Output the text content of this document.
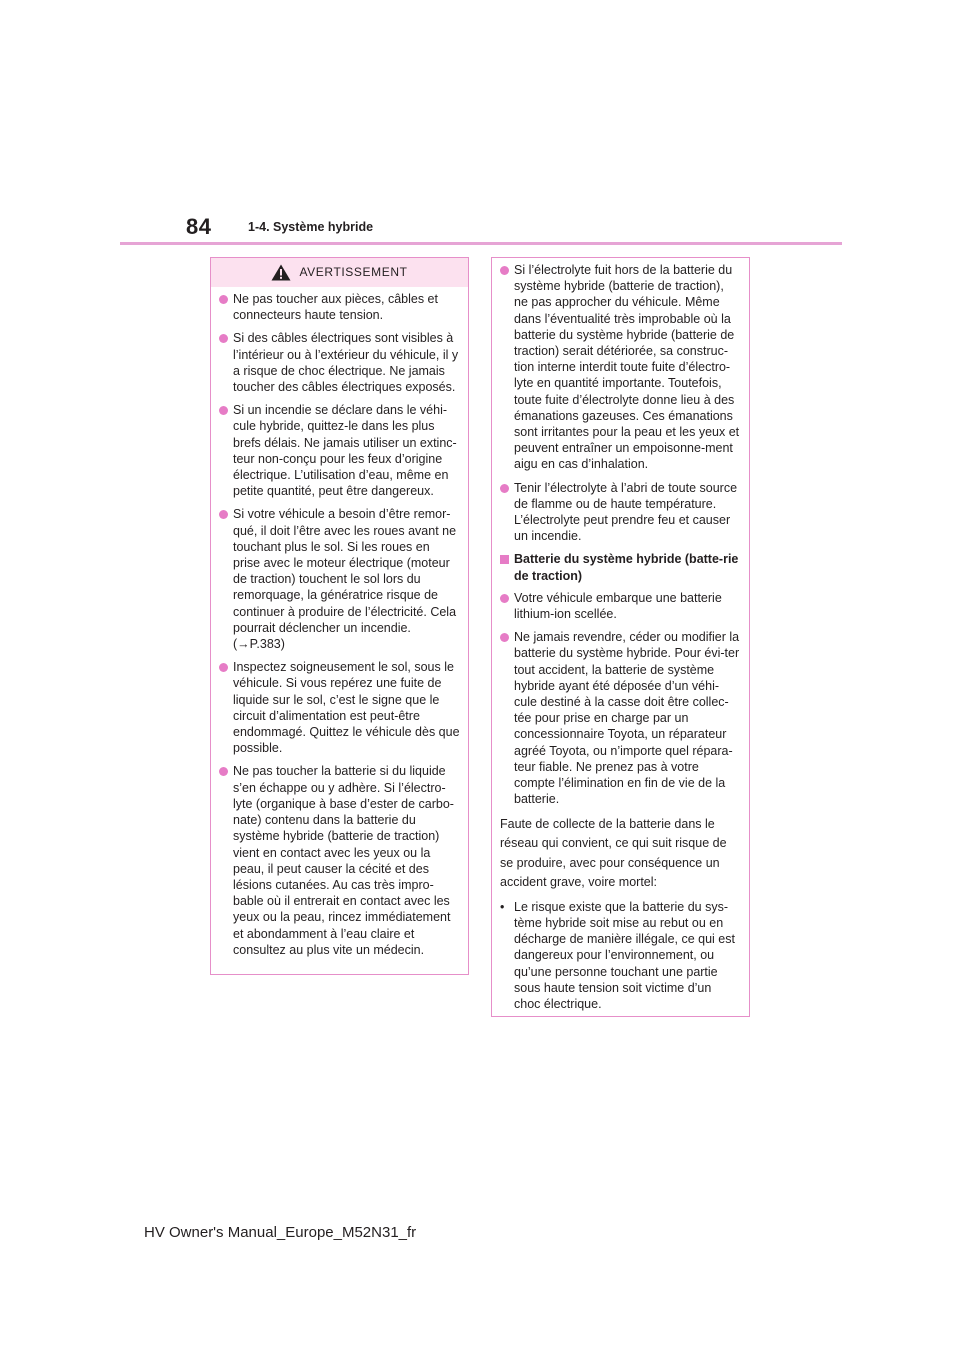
84	1-4. Système hybride
AVERTISSEMENT
Ne pas toucher aux pièces, câbles et connecteurs haute tension.
Si des câbles électriques sont visibles à l’intérieur ou à l’extérieur du véhicule, il y a risque de choc électrique. Ne jamais toucher des câbles électriques exposés.
Si un incendie se déclare dans le véhi-cule hybride, quittez-le dans les plus brefs délais. Ne jamais utiliser un extinc-teur non-conçu pour les feux d’origine électrique. L’utilisation d’eau, même en petite quantité, peut être dangereux.
Si votre véhicule a besoin d’être remor-qué, il doit l’être avec les roues avant ne touchant plus le sol. Si les roues en prise avec le moteur électrique (moteur de traction) touchent le sol lors du remorquage, la génératrice risque de continuer à produire de l’électricité. Cela pourrait déclencher un incendie. (→P.383)
Inspectez soigneusement le sol, sous le véhicule. Si vous repérez une fuite de liquide sur le sol, c’est le signe que le circuit d’alimentation est peut-être endommagé. Quittez le véhicule dès que possible.
Ne pas toucher la batterie si du liquide s’en échappe ou y adhère. Si l’électro-lyte (organique à base d’ester de carbo-nate) contenu dans la batterie du système hybride (batterie de traction) vient en contact avec les yeux ou la peau, il peut causer la cécité et des lésions cutanées. Au cas très impro-bable où il entrerait en contact avec les yeux ou la peau, rincez immédiatement et abondamment à l’eau claire et consultez au plus vite un médecin.
Si l’électrolyte fuit hors de la batterie du système hybride (batterie de traction), ne pas approcher du véhicule. Même dans l’éventualité très improbable où la batterie du système hybride (batterie de traction) serait détériorée, sa construc-tion interne interdit toute fuite d’électro-lyte en quantité importante. Toutefois, toute fuite d’électrolyte donne lieu à des émanations gazeuses. Ces émanations sont irritantes pour la peau et les yeux et peuvent entraîner un empoisonne-ment aigu en cas d’inhalation.
Tenir l’électrolyte à l’abri de toute source de flamme ou de haute température. L’électrolyte peut prendre feu et causer un incendie.
Batterie du système hybride (batte-rie de traction)
Votre véhicule embarque une batterie lithium-ion scellée.
Ne jamais revendre, céder ou modifier la batterie du système hybride. Pour évi-ter tout accident, la batterie de système hybride ayant été déposée d’un véhi-cule destiné à la casse doit être collec-tée pour prise en charge par un concessionnaire Toyota, un réparateur agréé Toyota, ou n’importe quel répara-teur fiable. Ne prenez pas à votre compte l’élimination en fin de vie de la batterie.
Faute de collecte de la batterie dans le réseau qui convient, ce qui suit risque de se produire, avec pour conséquence un accident grave, voire mortel:
• Le risque existe que la batterie du sys-tème hybride soit mise au rebut ou en décharge de manière illégale, ce qui est dangereux pour l’environnement, ou qu’une personne touchant une partie sous haute tension soit victime d’un choc électrique.
HV Owner's Manual_Europe_M52N31_fr
